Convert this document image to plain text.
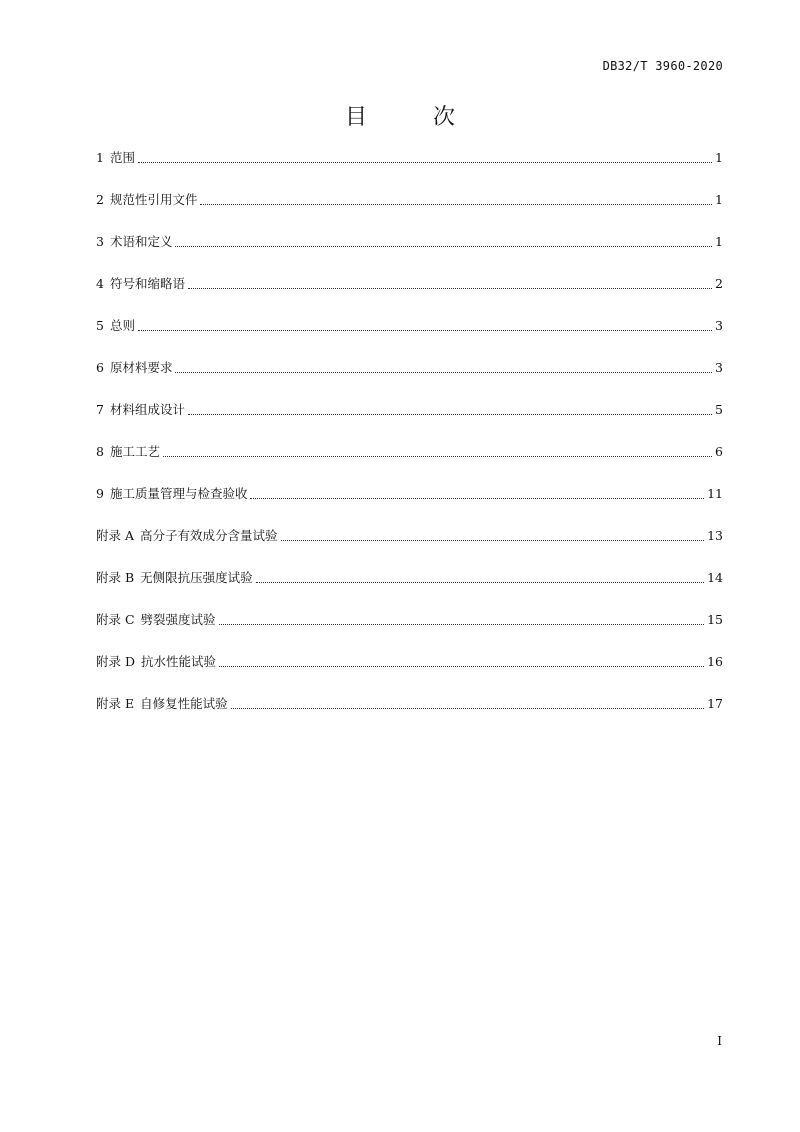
DB32/T 3960-2020
目　次
1 范围	1
2 规范性引用文件	1
3 术语和定义	1
4 符号和缩略语	2
5 总则	3
6 原材料要求	3
7 材料组成设计	5
8 施工工艺	6
9 施工质量管理与检查验收	11
附录 A 高分子有效成分含量试验	13
附录 B 无侧限抗压强度试验	14
附录 C 劈裂强度试验	15
附录 D 抗水性能试验	16
附录 E 自修复性能试验	17
I
